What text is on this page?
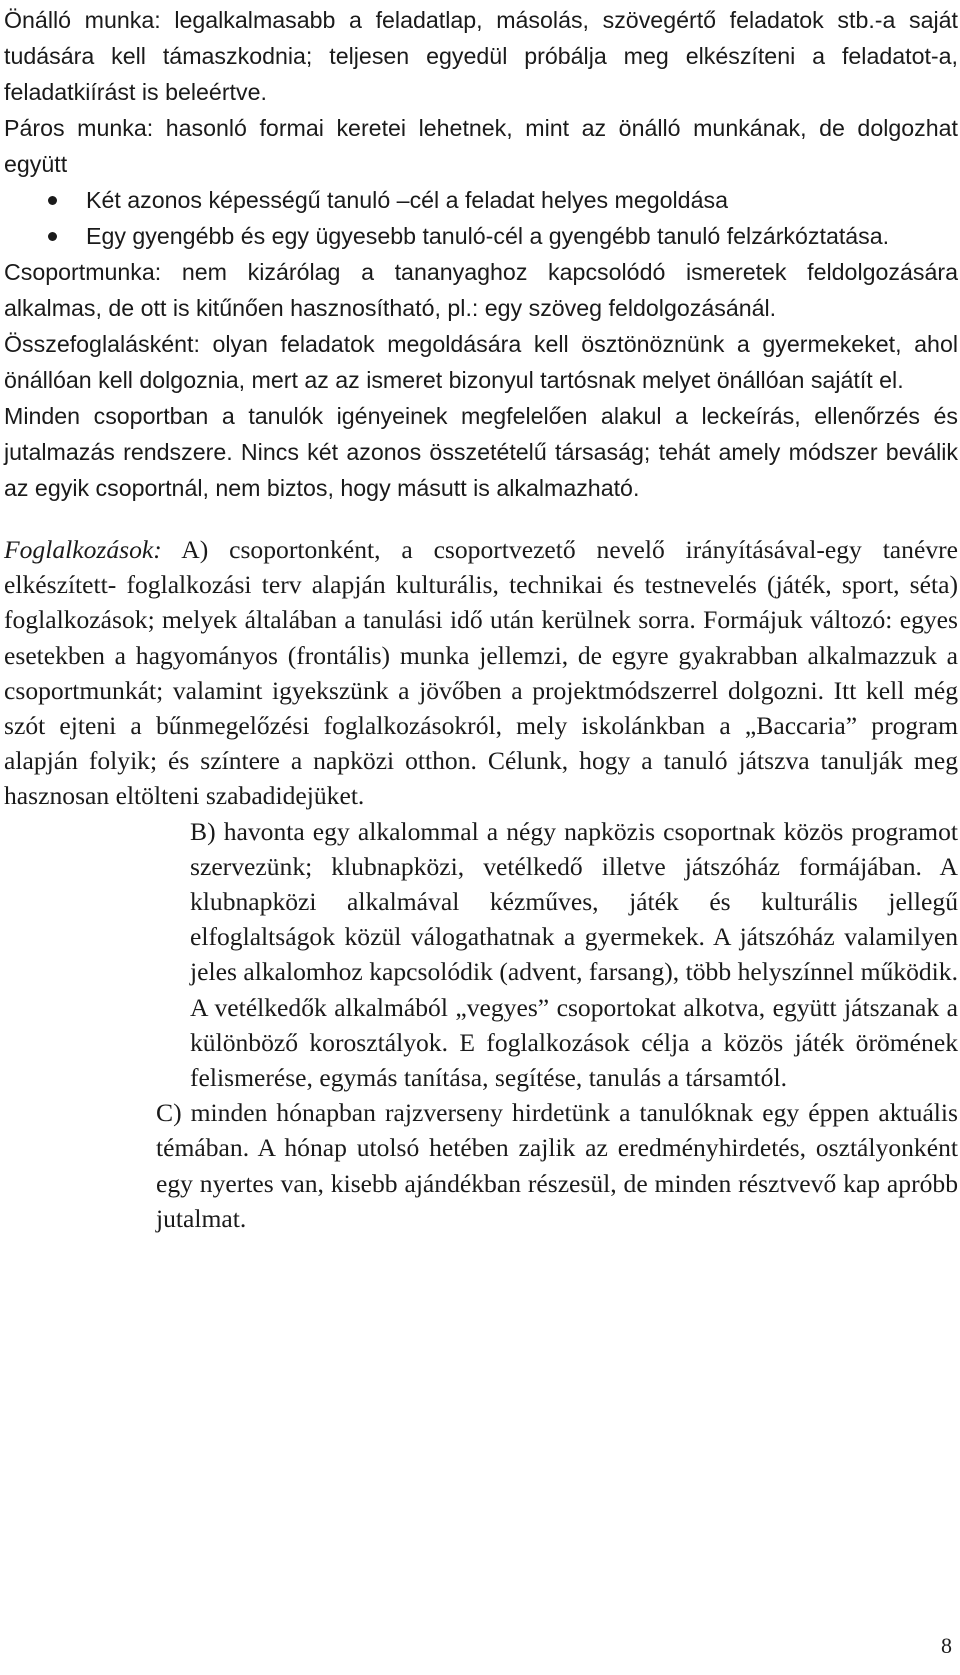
Önálló munka: legalkalmasabb a feladatlap, másolás, szövegértő feladatok stb.-a saját tudására kell támaszkodnia; teljesen egyedül próbálja meg elkészíteni a feladatot-a, feladatkiírást is beleértve.

Páros munka: hasonló formai keretei lehetnek, mint az önálló munkának, de dolgozhat együtt

Két azonos képességű tanuló –cél a feladat helyes megoldása
Egy gyengébb és egy ügyesebb tanuló-cél a gyengébb tanuló felzárkóztatása.

Csoportmunka: nem kizárólag a tananyaghoz kapcsolódó ismeretek feldolgozására alkalmas, de ott is kitűnően hasznosítható, pl.: egy szöveg feldolgozásánál.

Összefoglalásként: olyan feladatok megoldására kell ösztönöznünk a gyermekeket, ahol önállóan kell dolgoznia, mert az az ismeret bizonyul tartósnak melyet önállóan sajátít el.

Minden csoportban a tanulók igényeinek megfelelően alakul a leckeírás, ellenőrzés és jutalmazás rendszere. Nincs két azonos összetételű társaság; tehát amely módszer beválik az egyik csoportnál, nem biztos, hogy másutt is alkalmazható.

Foglalkozások: A) csoportonként, a csoportvezető nevelő irányításával-egy tanévre elkészített- foglalkozási terv alapján kulturális, technikai és testnevelés (játék, sport, séta) foglalkozások; melyek általában a tanulási idő után kerülnek sorra. Formájuk változó: egyes esetekben a hagyományos (frontális) munka jellemzi, de egyre gyakrabban alkalmazzuk a csoportmunkát; valamint igyekszünk a jövőben a projektmódszerrel dolgozni. Itt kell még szót ejteni a bűnmegelőzési foglalkozásokról, mely iskolánkban a „Baccaria” program alapján folyik; és színtere a napközi otthon. Célunk, hogy a tanuló játszva tanulják meg hasznosan eltölteni szabadidejüket.

B) havonta egy alkalommal a négy napközis csoportnak közös programot szervezünk; klubnapközi, vetélkedő illetve játszóház formájában. A klubnapközi alkalmával kézműves, játék és kulturális jellegű elfoglaltságok közül válogathatnak a gyermekek. A játszóház valamilyen jeles alkalomhoz kapcsolódik (advent, farsang), több helyszínnel működik. A vetélkedők alkalmából „vegyes” csoportokat alkotva, együtt játszanak a különböző korosztályok. E foglalkozások célja a közös játék örömének felismerése, egymás tanítása, segítése, tanulás a társamtól.

C) minden hónapban rajzverseny hirdetünk a tanulóknak egy éppen aktuális témában. A hónap utolsó hetében zajlik az eredményhirdetés, osztályonként egy nyertes van, kisebb ajándékban részesül, de minden résztvevő kap apróbb jutalmat.

8
